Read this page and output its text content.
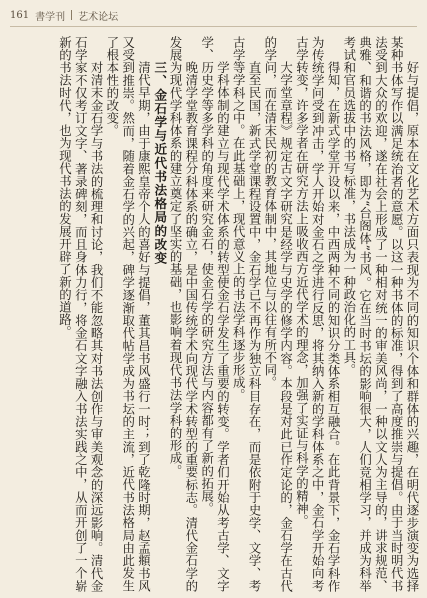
161 書学刊 艺术论坛

好与提倡，原本在文化艺术方面只表现为不同的知识个体和群体的兴趣，在明代逐步演变为选择某种书体写作以满足统治者的意愿。以这一种书体的标准，得到了高度推崇与提倡。由于当时明代书法受到大众的欢迎，遂在社会上形成了一种相对统一的审美风尚，一种以文人为主导的，讲求规范、典雅、和谐的书法风格，即为“台阁体”书风。它在当时书坛的影响很大，人们竞相学习，并成为科举考试和官员选拔中的书写标准，书法成为一种政治化的工具。

得知，在新式学堂开设以来，中西两种不同的知识分类体系相互融合。在此背景下，金石学科作为传统学问受到冲击，学人开始对金石之学进行反思，将其纳入新的学科体系之中，金石学开始向考古学转变，许多学者在研究方法上吸收西方近代学术的理念，加强了实证与科学的精神。

大学堂章程》规定古文字研究是经学与史学的修学内容。本段是对此已作定论的，金石学在古代的学问，而在清末民初的教育体制中，其地位与以往有所不同。

直至民国，新式学堂课程设置中，金石学已不再作为独立科目存在，而是依附于史学、文学、考古学等学科之中。在此基础上，现代意义上的书法学科逐步形成。

学科体制的建立与现代学术体系的转型使金石学发生了重要的转变。学者们开始从考古学、文字学、历史学等多学科的角度来研究金石，使金石学的研究方法与内容都有了新的拓展。

晚清学堂教育课程分科体系的确立，是中国传统学术向现代学术转型的重要标志。清代金石学的发展为现代学科体系的建立奠定了坚实的基础，也影响着现代书法学科的形成。

三、金石学与近代书法格局的改变

清代早期，由于康熙皇帝个人的喜好与提倡，董其昌书风盛行一时；到了乾隆时期，赵孟頫书风又受到推崇。然而，随着金石学的兴起，碑学逐渐取代帖学成为书坛的主流，近代书法格局由此发生了根本性的改变。

对清末金石学与书法的梳理和讨论，我们不能忽略其对书法创作与审美观念的深远影响。清代金石学家不仅考订文字、著录碑刻，而且身体力行，将金石文字融入书法实践之中，从而开创了一个崭新的书法时代，也为现代书法的发展开辟了新的道路。
